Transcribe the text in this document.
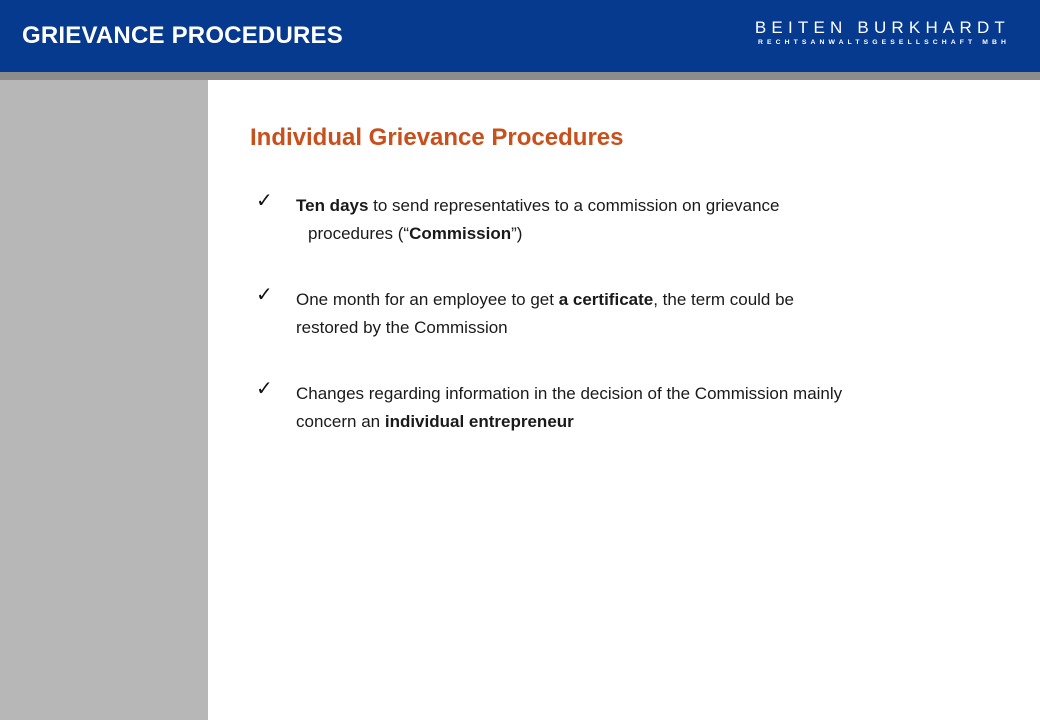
GRIEVANCE PROCEDURES	BEITEN BURKHARDT
RECHTSANWALTSGESELLSCHAFT MBH
Individual Grievance Procedures
✓ Ten days to send representatives to a commission on grievance
procedures (“Commission”)
✓ One month for an employee to get a certificate, the term could be
restored by the Commission
✓ Changes regarding information in the decision of the Commission mainly
concern an individual entrepreneur
